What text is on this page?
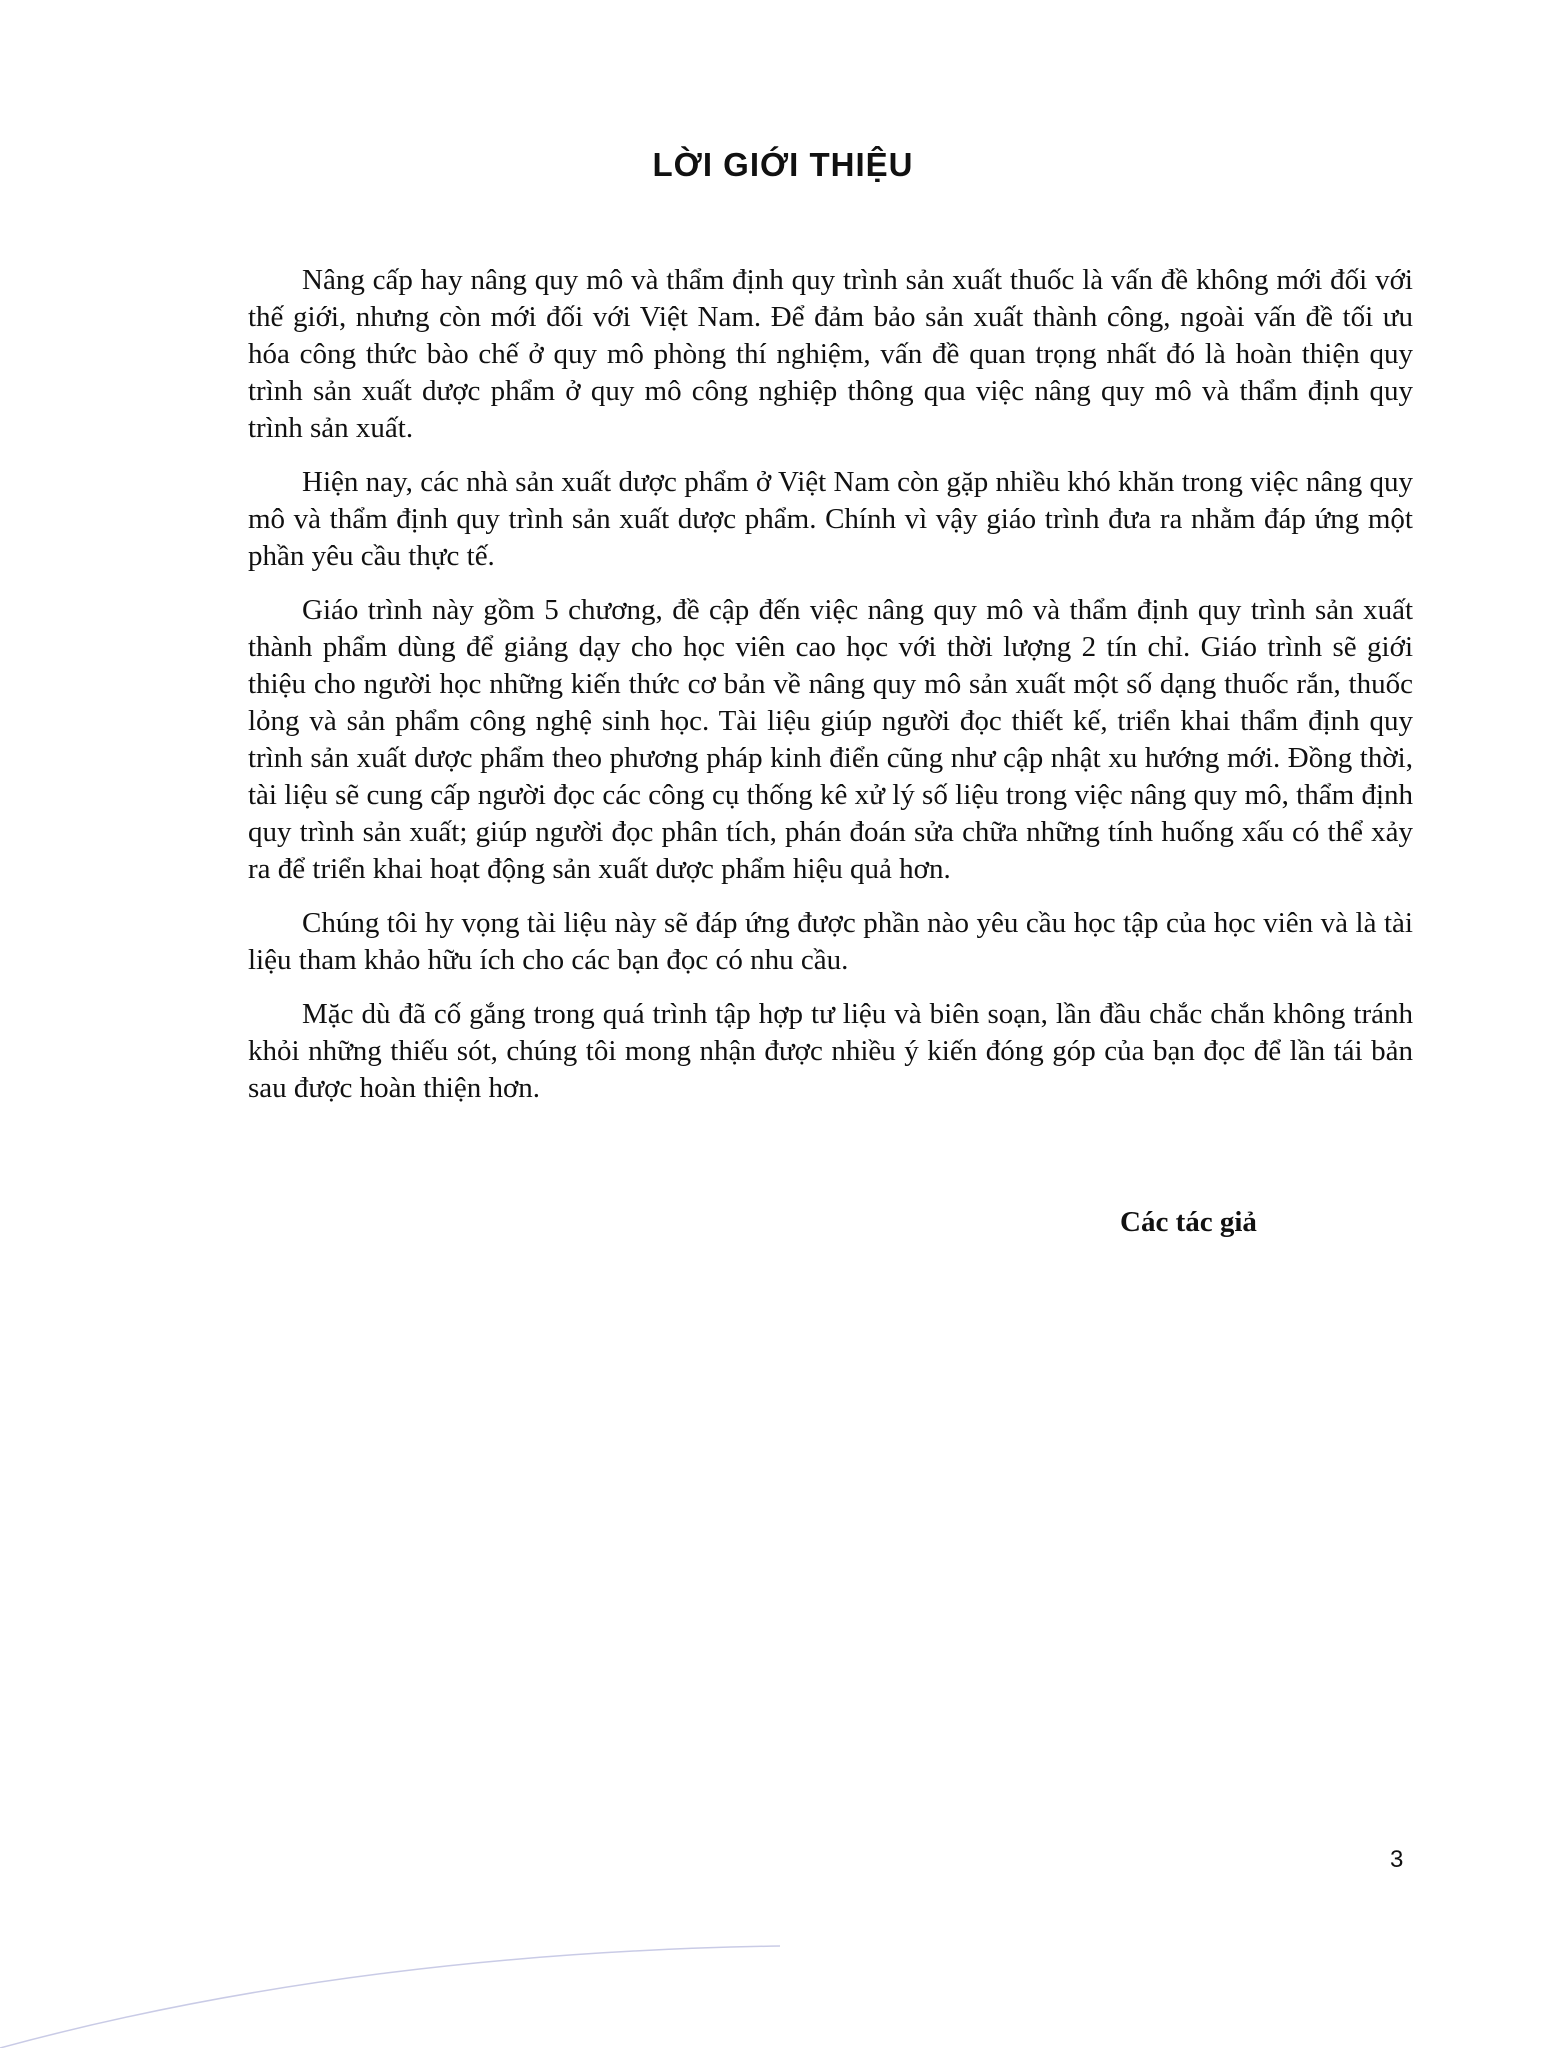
LỜI GIỚI THIỆU

Nâng cấp hay nâng quy mô và thẩm định quy trình sản xuất thuốc là vấn đề không mới đối với thế giới, nhưng còn mới đối với Việt Nam. Để đảm bảo sản xuất thành công, ngoài vấn đề tối ưu hóa công thức bào chế ở quy mô phòng thí nghiệm, vấn đề quan trọng nhất đó là hoàn thiện quy trình sản xuất dược phẩm ở quy mô công nghiệp thông qua việc nâng quy mô và thẩm định quy trình sản xuất.

Hiện nay, các nhà sản xuất dược phẩm ở Việt Nam còn gặp nhiều khó khăn trong việc nâng quy mô và thẩm định quy trình sản xuất dược phẩm. Chính vì vậy giáo trình đưa ra nhằm đáp ứng một phần yêu cầu thực tế.

Giáo trình này gồm 5 chương, đề cập đến việc nâng quy mô và thẩm định quy trình sản xuất thành phẩm dùng để giảng dạy cho học viên cao học với thời lượng 2 tín chỉ. Giáo trình sẽ giới thiệu cho người học những kiến thức cơ bản về nâng quy mô sản xuất một số dạng thuốc rắn, thuốc lỏng và sản phẩm công nghệ sinh học. Tài liệu giúp người đọc thiết kế, triển khai thẩm định quy trình sản xuất dược phẩm theo phương pháp kinh điển cũng như cập nhật xu hướng mới. Đồng thời, tài liệu sẽ cung cấp người đọc các công cụ thống kê xử lý số liệu trong việc nâng quy mô, thẩm định quy trình sản xuất; giúp người đọc phân tích, phán đoán sửa chữa những tính huống xấu có thể xảy ra để triển khai hoạt động sản xuất dược phẩm hiệu quả hơn.

Chúng tôi hy vọng tài liệu này sẽ đáp ứng được phần nào yêu cầu học tập của học viên và là tài liệu tham khảo hữu ích cho các bạn đọc có nhu cầu.

Mặc dù đã cố gắng trong quá trình tập hợp tư liệu và biên soạn, lần đầu chắc chắn không tránh khỏi những thiếu sót, chúng tôi mong nhận được nhiều ý kiến đóng góp của bạn đọc để lần tái bản sau được hoàn thiện hơn.

Các tác giả
3
